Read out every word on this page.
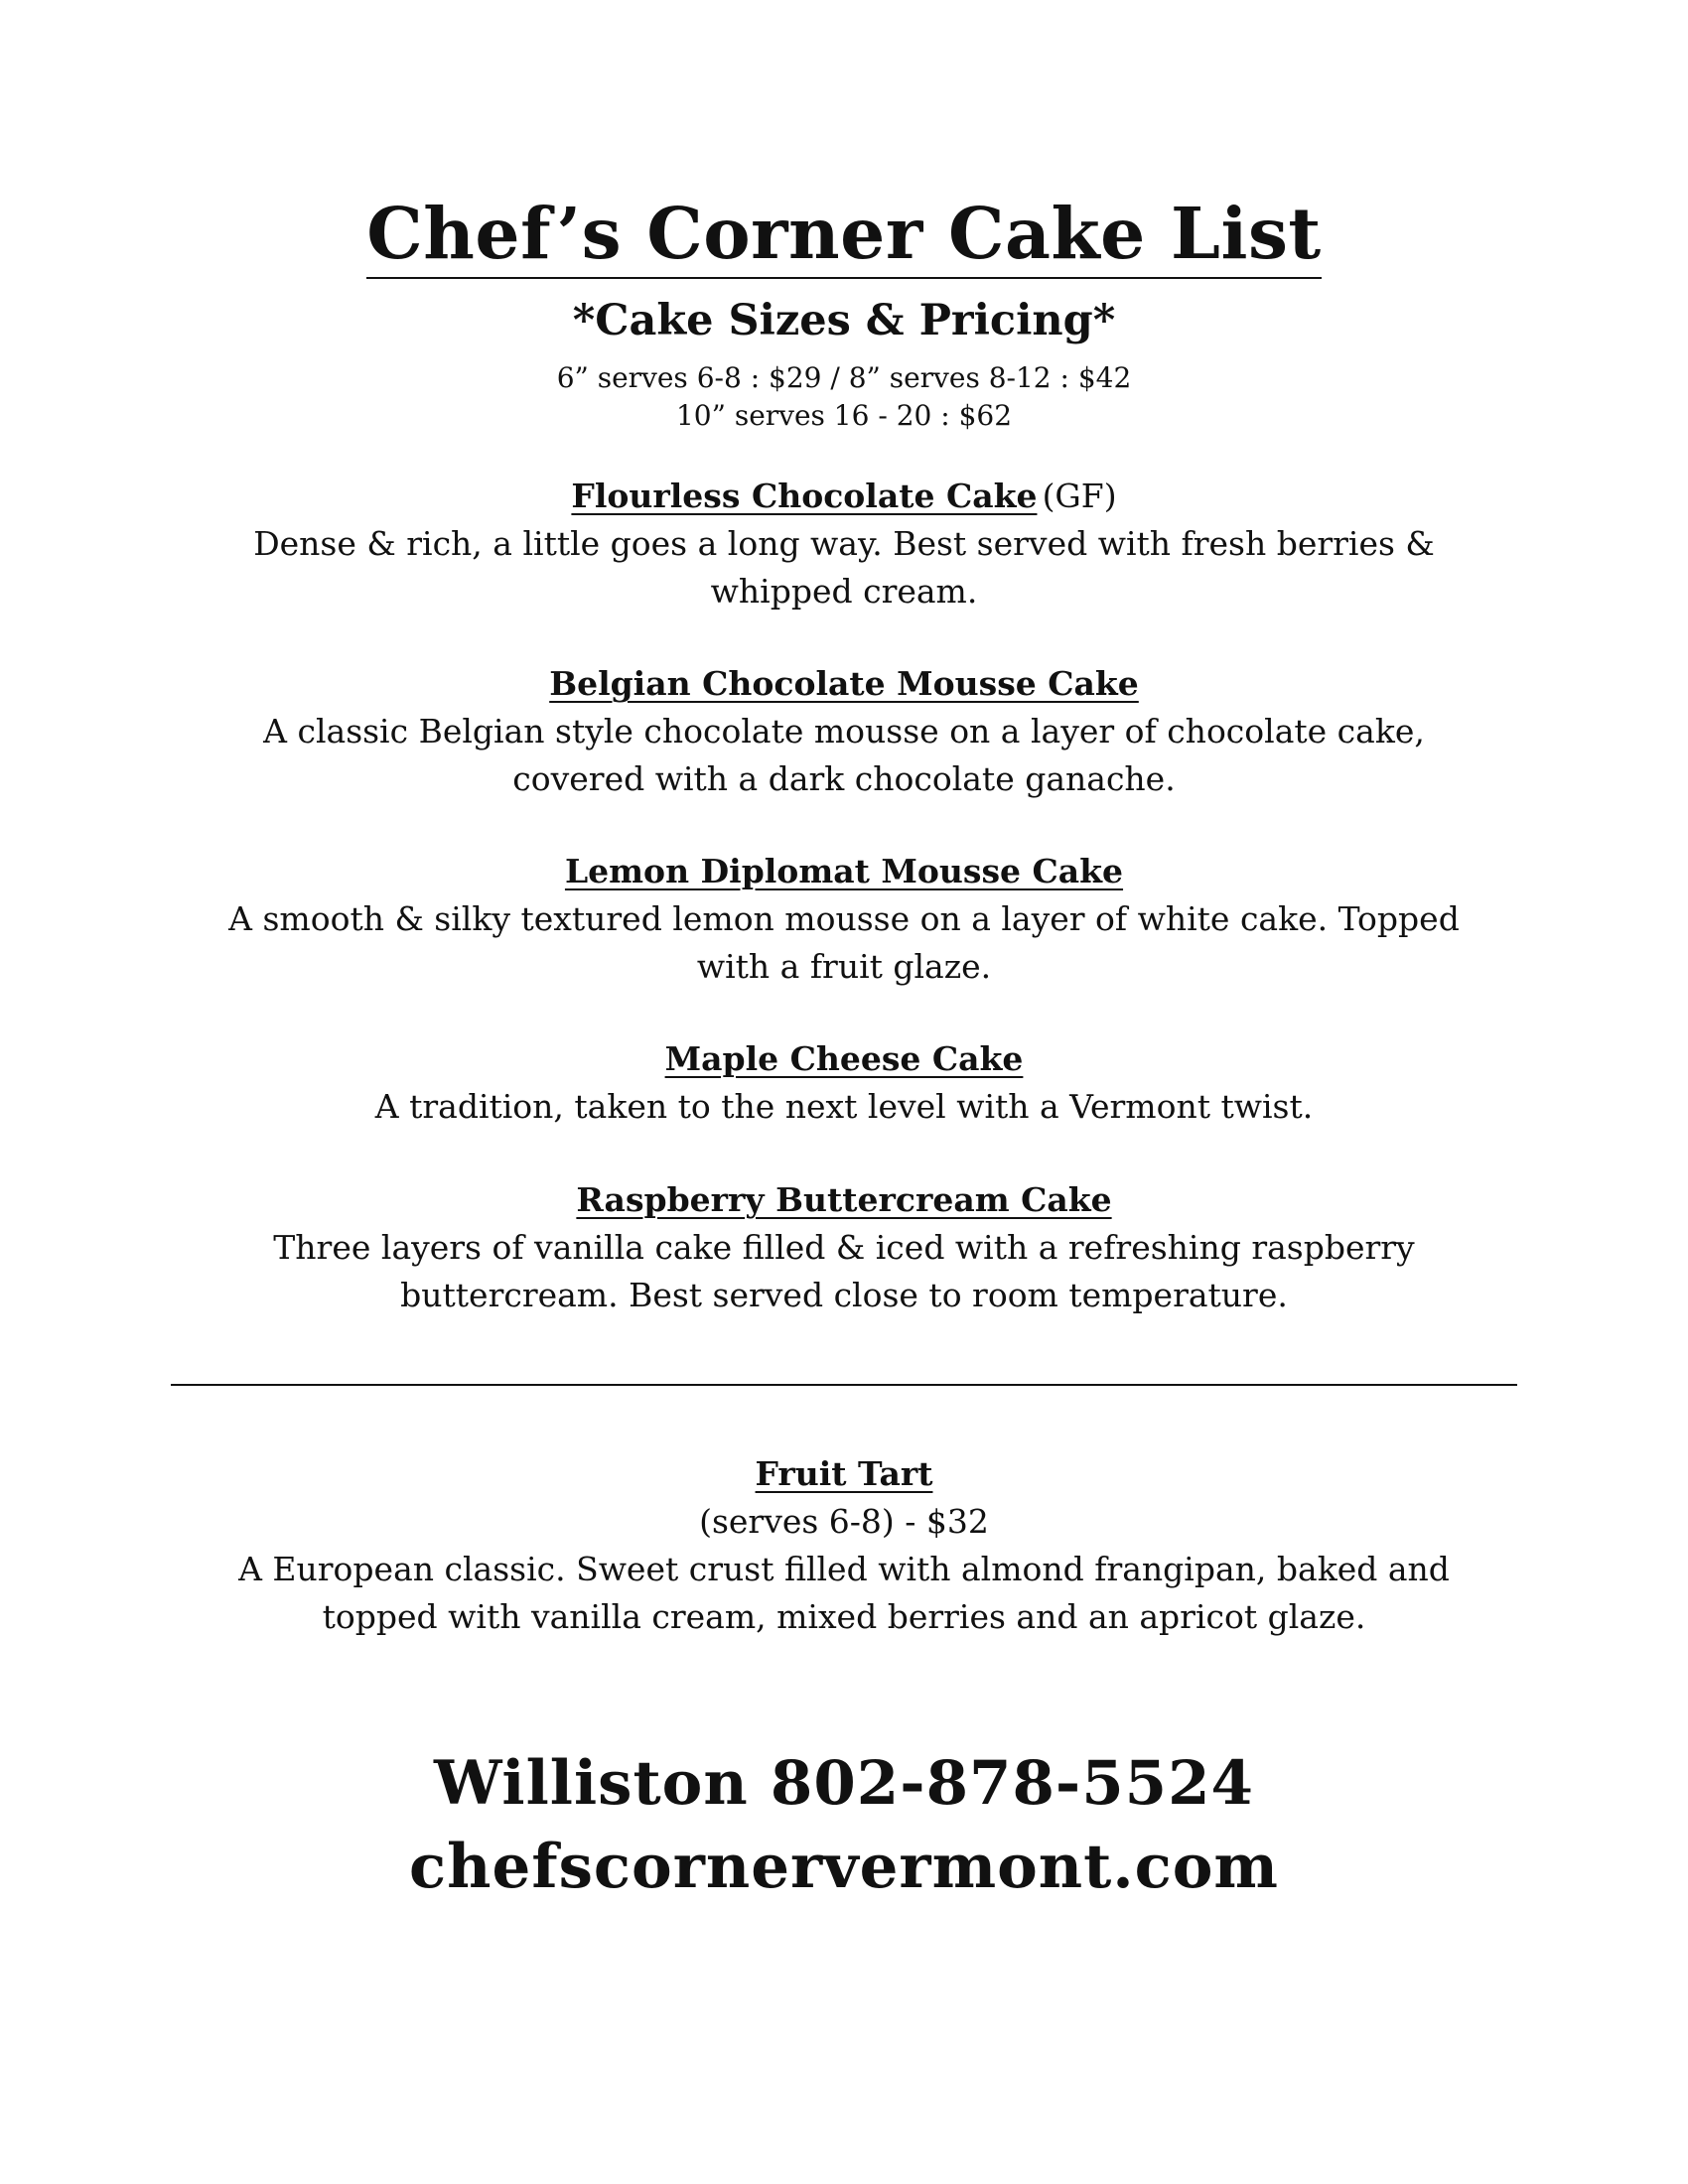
Chef’s Corner Cake List
*Cake Sizes & Pricing*
6” serves 6-8 : $29 / 8” serves 8-12 : $42
10” serves 16 - 20 : $62
Flourless Chocolate Cake (GF)
Dense & rich, a little goes a long way. Best served with fresh berries &
whipped cream.
Belgian Chocolate Mousse Cake
A classic Belgian style chocolate mousse on a layer of chocolate cake,
covered with a dark chocolate ganache.
Lemon Diplomat Mousse Cake
A smooth & silky textured lemon mousse on a layer of white cake. Topped
with a fruit glaze.
Maple Cheese Cake
A tradition, taken to the next level with a Vermont twist.
Raspberry Buttercream Cake
Three layers of vanilla cake filled & iced with a refreshing raspberry
buttercream. Best served close to room temperature.
Fruit Tart
(serves 6-8) - $32
A European classic. Sweet crust filled with almond frangipan, baked and
topped with vanilla cream, mixed berries and an apricot glaze.
Williston 802-878-5524
chefscornervermont.com
